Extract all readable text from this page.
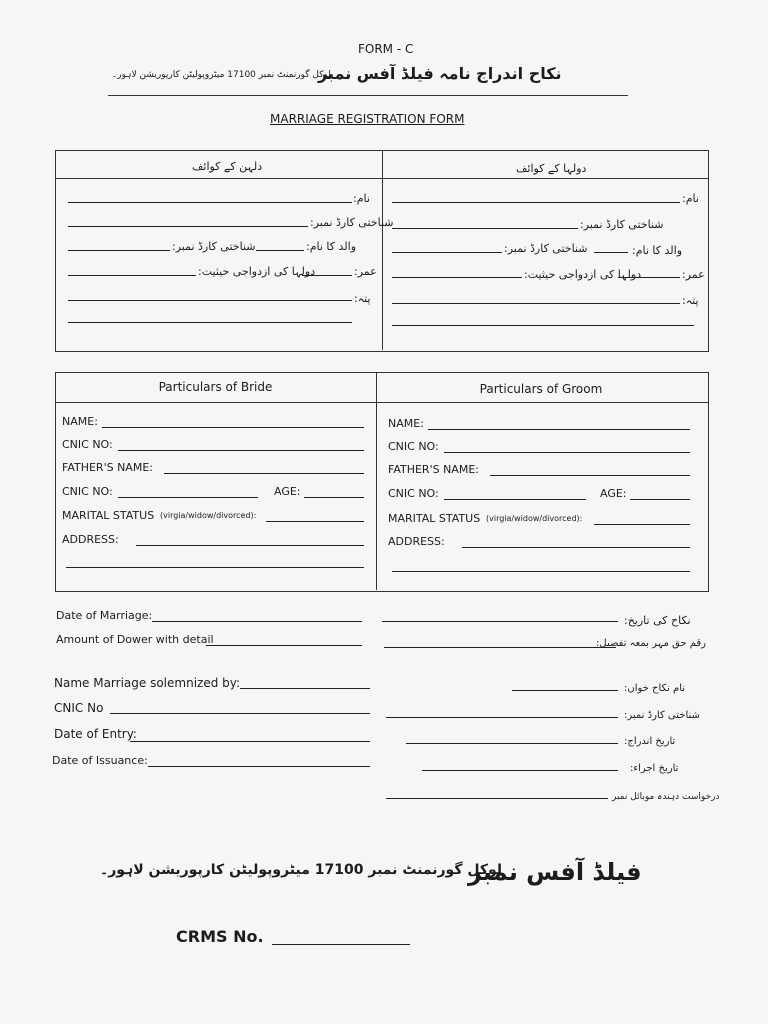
FORM - C
نکاح اندراج نامہ فیلڈ آفس نمبر
لوکل گورنمنٹ نمبر 17100 میٹروپولیٹن کارپوریشن لاہور۔
MARRIAGE REGISTRATION FORM
دلہن کے کوائف	دولہا کے کوائف
نام:
شناختی کارڈ نمبر:
شناختی کارڈ نمبر:	والد کا نام:
دولہا کی ازدواجی حیثیت:	عمر:
پتہ:
نام:
شناختی کارڈ نمبر:
شناختی کارڈ نمبر:	والد کا نام:
دولہا کی ازدواجی حیثیت:	عمر:
پتہ:
Particulars of Bride	Particulars of Groom
NAME:
CNIC NO:
FATHER'S NAME:
CNIC NO:	AGE:
MARITAL STATUS (virgia/widow/divorced):
ADDRESS:
NAME:
CNIC NO:
FATHER'S NAME:
CNIC NO:	AGE:
MARITAL STATUS (virgia/widow/divorced):
ADDRESS:
Date of Marriage:	نکاح کی تاریخ:
Amount of Dower with detail	رقم حق مہر بمعہ تفصیل:
Name Marriage solemnized by:	نام نکاح خواں:
CNIC No
شناختی کارڈ نمبر:
Date of Entry:
تاریخ اندراج:
Date of Issuance:
تاریخ اجراء:
درخواست دہندہ موبائل نمبر
فیلڈ آفس نمبر
لوکل گورنمنٹ نمبر 17100 میٹروپولیٹن کارپوریشن لاہور۔
CRMS No.
